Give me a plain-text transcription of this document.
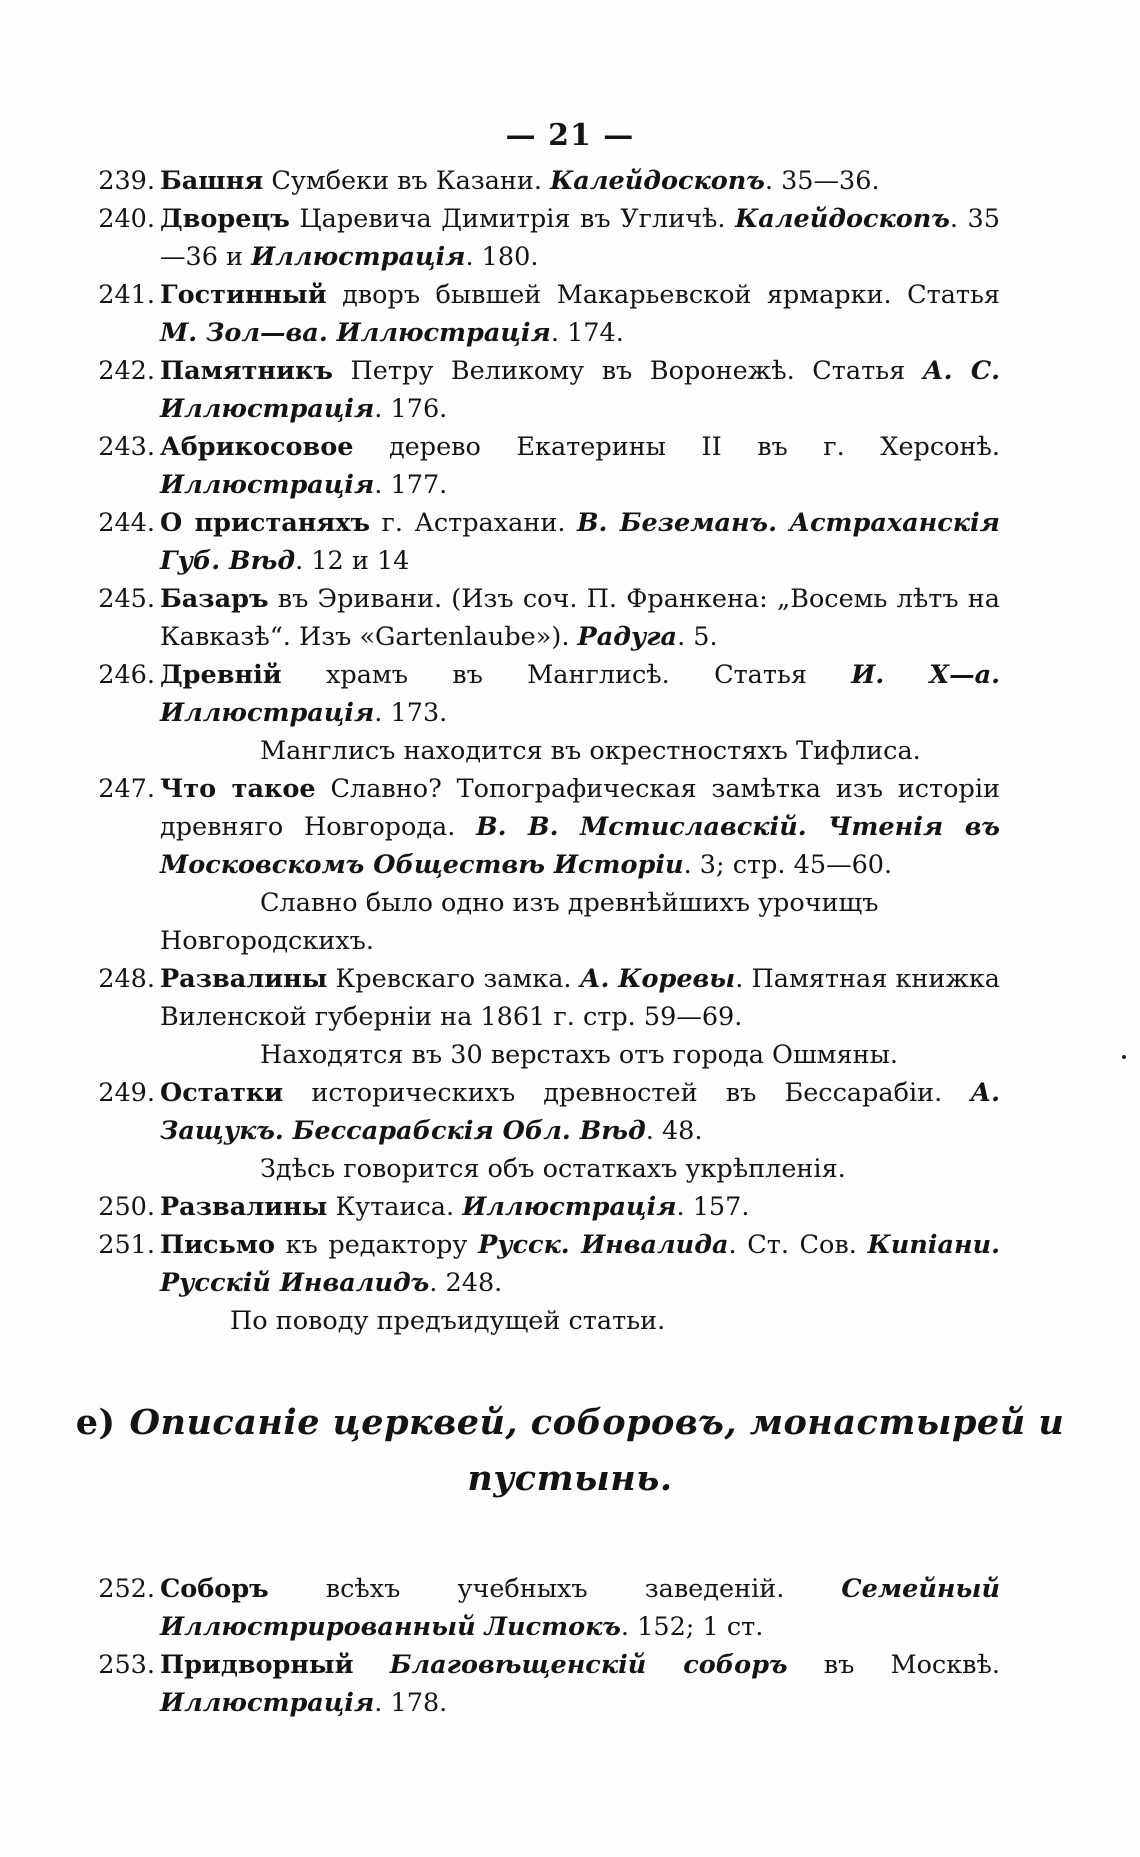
— 21 —

239. Башня Сумбеки въ Казани. Калейдоскопъ. 35—36.

240. Дворецъ Царевича Димитрія въ Угличѣ. Калейдоскопъ. 35—36 и Иллюстрація. 180.

241. Гостинный дворъ бывшей Макарьевской ярмарки. Статья М. Зол—ва. Иллюстрація. 174.

242. Памятникъ Петру Великому въ Воронежѣ. Статья А. С. Иллюстрація. 176.

243. Абрикосовое дерево Екатерины II въ г. Херсонѣ. Иллюстрація. 177.

244. О пристаняхъ г. Астрахани. В. Беземанъ. Астраханскія Губ. Вѣд. 12 и 14

245. Базаръ въ Эривани. (Изъ соч. П. Франкена: „Восемь лѣтъ на Кавказѣ“. Изъ «Gartenlaube»). Радуга. 5.

246. Древній храмъ въ Манглисѣ. Статья И. Х—а. Иллюстрація. 173.

Манглисъ находится въ окрестностяхъ Тифлиса.

247. Что такое Славно? Топографическая замѣтка изъ исторіи древняго Новгорода. В. В. Мстиславскій. Чтенія въ Московскомъ Обществѣ Исторіи. 3; стр. 45—60.

Славно было одно изъ древнѣйшихъ урочищъ Новгородскихъ.

248. Развалины Кревскаго замка. А. Коревы. Памятная книжка Виленской губерніи на 1861 г. стр. 59—69.

Находятся въ 30 верстахъ отъ города Ошмяны.

249. Остатки историческихъ древностей въ Бессарабіи. А. Защукъ. Бессарабскія Обл. Вѣд. 48.

Здѣсь говорится объ остаткахъ укрѣпленія.

250. Развалины Кутаиса. Иллюстрація. 157.

251. Письмо къ редактору Русск. Инвалида. Ст. Сов. Кипіани. Русскій Инвалидъ. 248.

По поводу предъидущей статьи.

e) Описаніе церквей, соборовъ, монастырей и пустынь.

252. Соборъ всѣхъ учебныхъ заведеній. Семейный Иллюстрированный Листокъ. 152; 1 ст.

253. Придворный Благовѣщенскій соборъ въ Москвѣ. Иллюстрація. 178.
